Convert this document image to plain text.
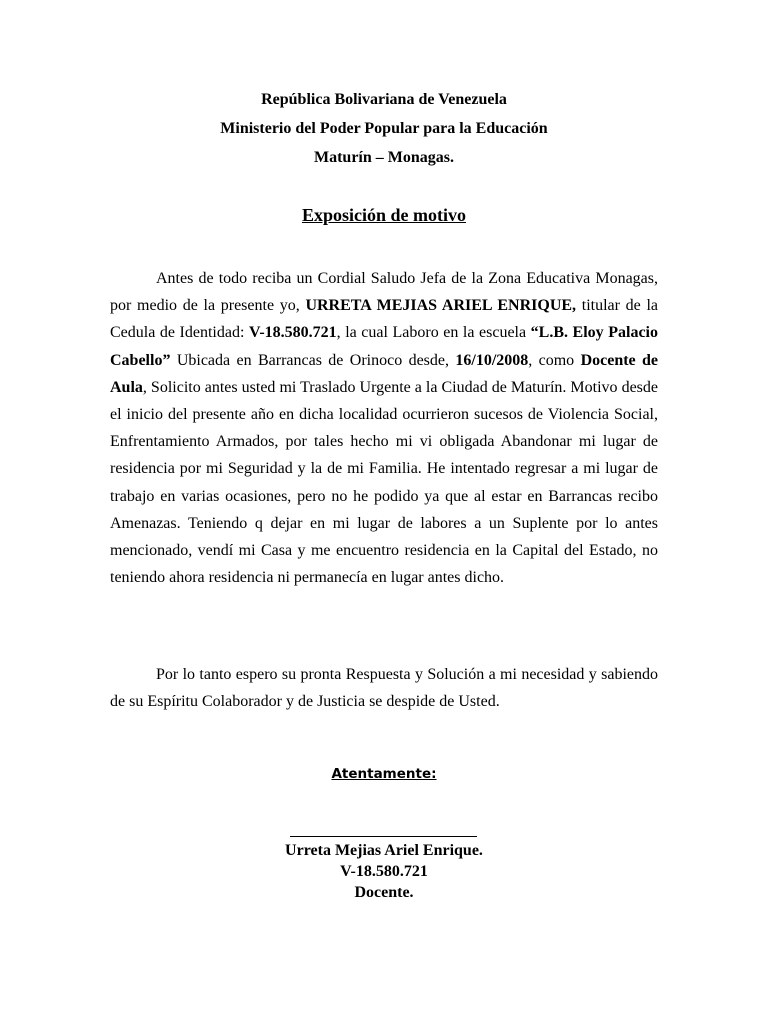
República Bolivariana de Venezuela
Ministerio del Poder Popular para la Educación
Maturín – Monagas.
Exposición de motivo

Antes de todo reciba un Cordial Saludo Jefa de la Zona Educativa Monagas, por medio de la presente yo, URRETA MEJIAS ARIEL ENRIQUE, titular de la Cedula de Identidad: V-18.580.721, la cual Laboro en la escuela “L.B. Eloy Palacio Cabello” Ubicada en Barrancas de Orinoco desde, 16/10/2008, como Docente de Aula, Solicito antes usted mi Traslado Urgente a la Ciudad de Maturín. Motivo desde el inicio del presente año en dicha localidad ocurrieron sucesos de Violencia Social, Enfrentamiento Armados, por tales hecho mi vi obligada Abandonar mi lugar de residencia por mi Seguridad y la de mi Familia. He intentado regresar a mi lugar de trabajo en varias ocasiones, pero no he podido ya que al estar en Barrancas recibo Amenazas. Teniendo q dejar en mi lugar de labores a un Suplente por lo antes mencionado, vendí mi Casa y me encuentro residencia en la Capital del Estado, no teniendo ahora residencia ni permanecía en lugar antes dicho.

Por lo tanto espero su pronta Respuesta y Solución a mi necesidad y sabiendo de su Espíritu Colaborador y de Justicia se despide de Usted.

Atentamente:
Urreta Mejias Ariel Enrique.
V-18.580.721
Docente.
